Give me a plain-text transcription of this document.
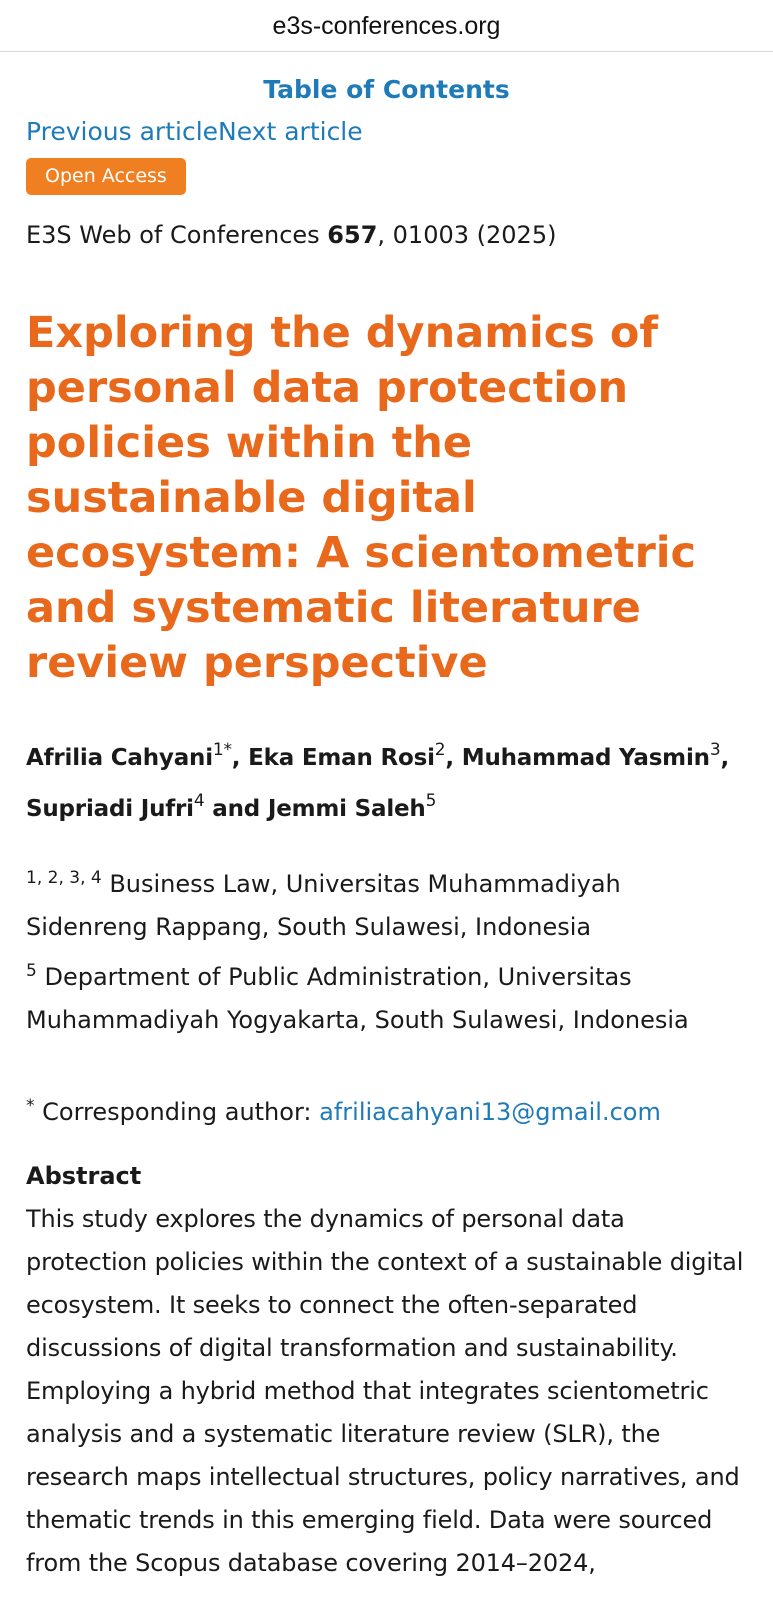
e3s-conferences.org
Table of Contents
Previous articleNext article
Open Access
E3S Web of Conferences 657, 01003 (2025)
Exploring the dynamics of personal data protection policies within the sustainable digital ecosystem: A scientometric and systematic literature review perspective
Afrilia Cahyani$^{1*}$, Eka Eman Rosi$^2$, Muhammad Yasmin$^3$,
Supriadi Jufri$^4$ and Jemmi Saleh$^5$
$^{1, 2, 3, 4}$ Business Law, Universitas Muhammadiyah Sidenreng Rappang, South Sulawesi, Indonesia
$^5$ Department of Public Administration, Universitas Muhammadiyah Yogyakarta, South Sulawesi, Indonesia
* Corresponding author: afriliacahyani13@gmail.com
Abstract
This study explores the dynamics of personal data protection policies within the context of a sustainable digital ecosystem. It seeks to connect the often-separated discussions of digital transformation and sustainability. Employing a hybrid method that integrates scientometric analysis and a systematic literature review (SLR), the research maps intellectual structures, policy narratives, and thematic trends in this emerging field. Data were sourced from the Scopus database covering 2014–2024,
